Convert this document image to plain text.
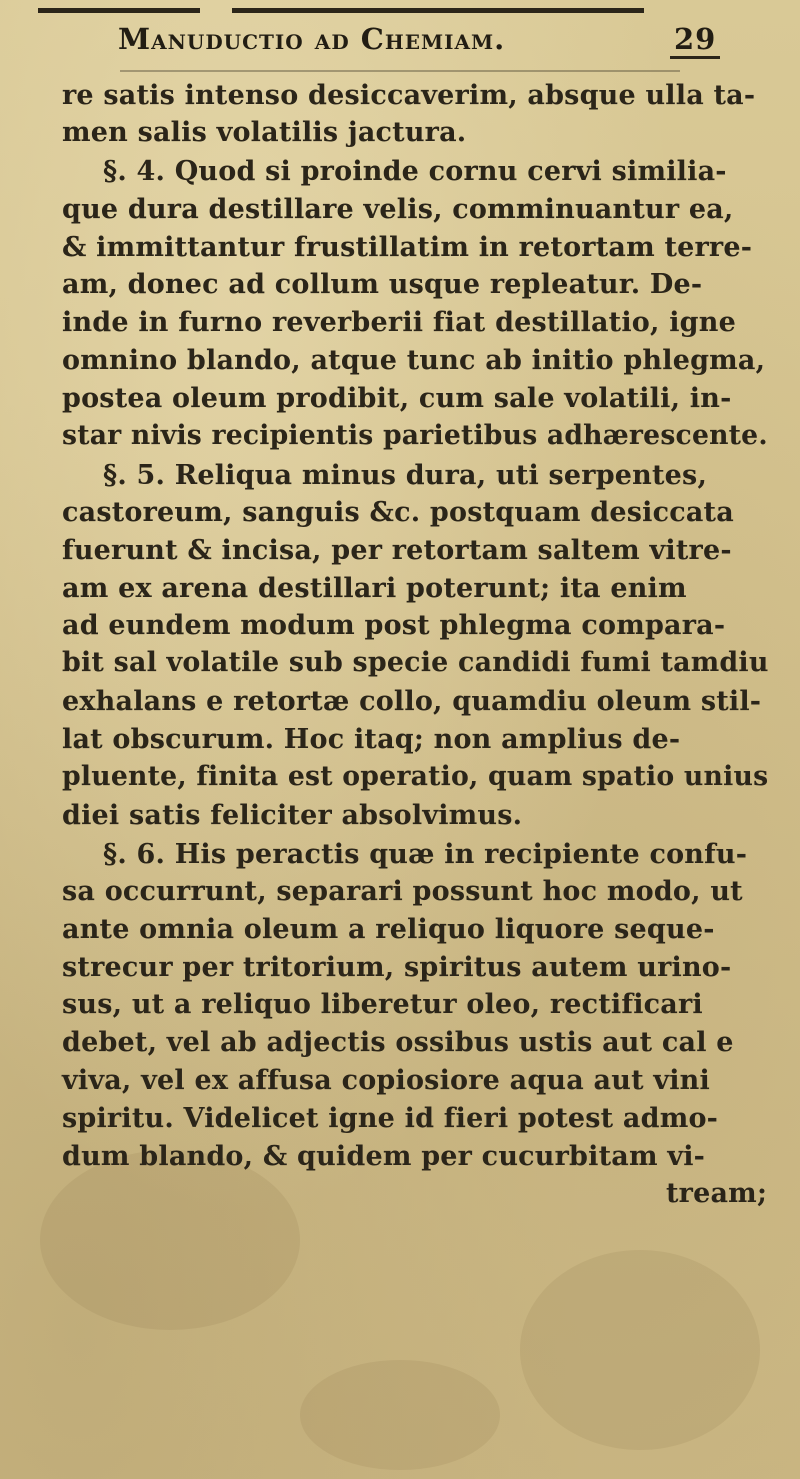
Manuductio ad Chemiam.	29
re satis intenso desiccaverim, absque ulla ta-
men salis volatilis jactura.
§. 4. Quod si proinde cornu cervi similia-
que dura destillare velis, comminuantur ea,
& immittantur frustillatim in retortam terre-
am, donec ad collum usque repleatur. De-
inde in furno reverberii fiat destillatio, igne
omnino blando, atque tunc ab initio phlegma,
postea oleum prodibit, cum sale volatili, in-
star nivis recipientis parietibus adhærescente.
§. 5. Reliqua minus dura, uti serpentes,
castoreum, sanguis &c. postquam desiccata
fuerunt & incisa, per retortam saltem vitre-
am ex arena destillari poterunt; ita enim
ad eundem modum post phlegma compara-
bit sal volatile sub specie candidi fumi tamdiu
exhalans e retortæ collo, quamdiu oleum stil-
lat obscurum. Hoc itaq; non amplius de-
pluente, finita est operatio, quam spatio unius
diei satis feliciter absolvimus.
§. 6. His peractis quæ in recipiente confu-
sa occurrunt, separari possunt hoc modo, ut
ante omnia oleum a reliquo liquore seque-
strecur per tritorium, spiritus autem urino-
sus, ut a reliquo liberetur oleo, rectificari
debet, vel ab adjectis ossibus ustis aut cal e
viva, vel ex affusa copiosiore aqua aut vini
spiritu. Videlicet igne id fieri potest admo-
dum blando, & quidem per cucurbitam vi-
tream;
